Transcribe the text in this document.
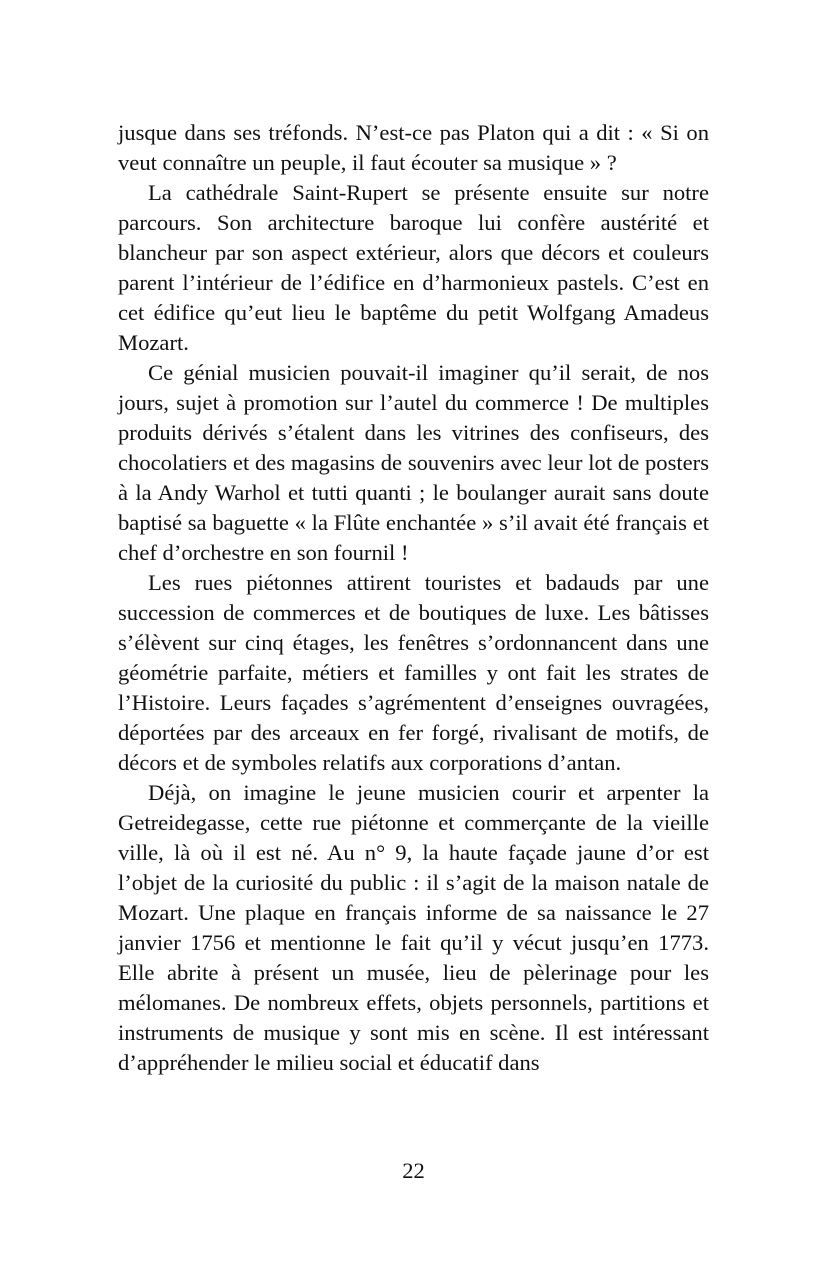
jusque dans ses tréfonds. N’est-ce pas Platon qui a dit : « Si on veut connaître un peuple, il faut écouter sa musique » ?

La cathédrale Saint-Rupert se présente ensuite sur notre parcours. Son architecture baroque lui confère austérité et blancheur par son aspect extérieur, alors que décors et couleurs parent l’intérieur de l’édifice en d’harmonieux pastels. C’est en cet édifice qu’eut lieu le baptême du petit Wolfgang Amadeus Mozart.

Ce génial musicien pouvait-il imaginer qu’il serait, de nos jours, sujet à promotion sur l’autel du commerce ! De multiples produits dérivés s’étalent dans les vitrines des confiseurs, des chocolatiers et des magasins de souvenirs avec leur lot de posters à la Andy Warhol et tutti quanti ; le boulanger aurait sans doute baptisé sa baguette « la Flûte enchantée » s’il avait été français et chef d’orchestre en son fournil !

Les rues piétonnes attirent touristes et badauds par une succession de commerces et de boutiques de luxe. Les bâtisses s’élèvent sur cinq étages, les fenêtres s’ordonnancent dans une géométrie parfaite, métiers et familles y ont fait les strates de l’Histoire. Leurs façades s’agrémentent d’enseignes ouvragées, déportées par des arceaux en fer forgé, rivalisant de motifs, de décors et de symboles relatifs aux corporations d’antan.

Déjà, on imagine le jeune musicien courir et arpenter la Getreidegasse, cette rue piétonne et commerçante de la vieille ville, là où il est né. Au n° 9, la haute façade jaune d’or est l’objet de la curiosité du public : il s’agit de la maison natale de Mozart. Une plaque en français informe de sa naissance le 27 janvier 1756 et mentionne le fait qu’il y vécut jusqu’en 1773. Elle abrite à présent un musée, lieu de pèlerinage pour les mélomanes. De nombreux effets, objets personnels, partitions et instruments de musique y sont mis en scène. Il est intéressant d’appréhender le milieu social et éducatif dans

22
